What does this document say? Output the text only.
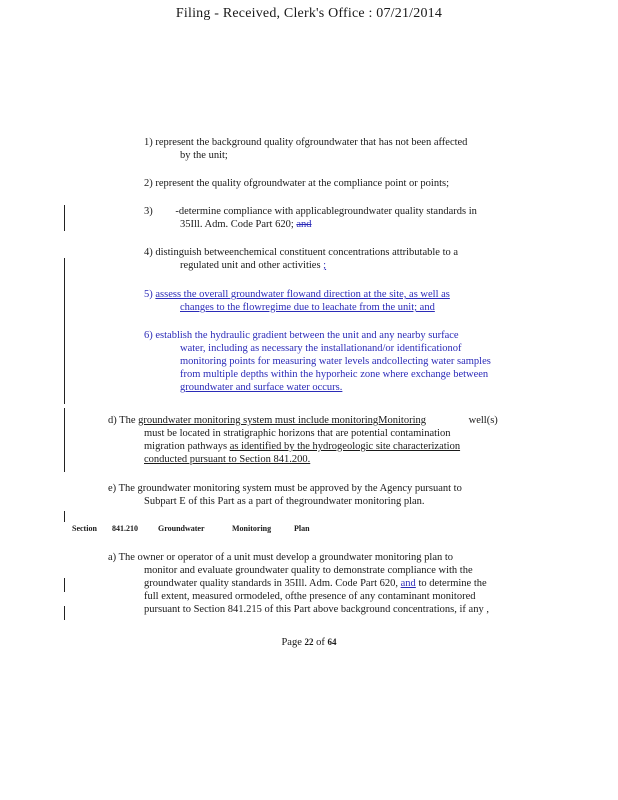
Filing - Received, Clerk's Office : 07/21/2014
1) represent the background quality ofgroundwater that has not been affected
by the unit;
2) represent the quality ofgroundwater at the compliance point or points;
3) -determine compliance with applicablegroundwater quality standards in
35Ill. Adm. Code Part 620; and
4) distinguish betweenchemical constituent concentrations attributable to a
regulated unit and other activities ;
5) assess the overall groundwater flowand direction at the site, as well as
changes to the flowregime due to leachate from the unit; and
6) establish the hydraulic gradient between the unit and any nearby surface
water, including as necessary the installationand/or identificationof
monitoring points for measuring water levels andcollecting water samples
from multiple depths within the hyporheic zone where exchange between
groundwater and surface water occurs.
d) The groundwater monitoring system must include monitoringMonitoring	well(s)
must be located in stratigraphic horizons that are potential contamination
migration pathways as identified by the hydrogeologic site characterization
conducted pursuant to Section 841.200.
e) The groundwater monitoring system must be approved by the Agency pursuant to
Subpart E of this Part as a part of thegroundwater monitoring plan.
Section 841.210	Groundwater	Monitoring	Plan
a) The owner or operator of a unit must develop a groundwater monitoring plan to
monitor and evaluate groundwater quality to demonstrate compliance with the
groundwater quality standards in 35Ill. Adm. Code Part 620, and to determine the
full extent, measured ormodeled, ofthe presence of any contaminant monitored
pursuant to Section 841.215 of this Part above background concentrations, if any ,
Page 22 of 64
